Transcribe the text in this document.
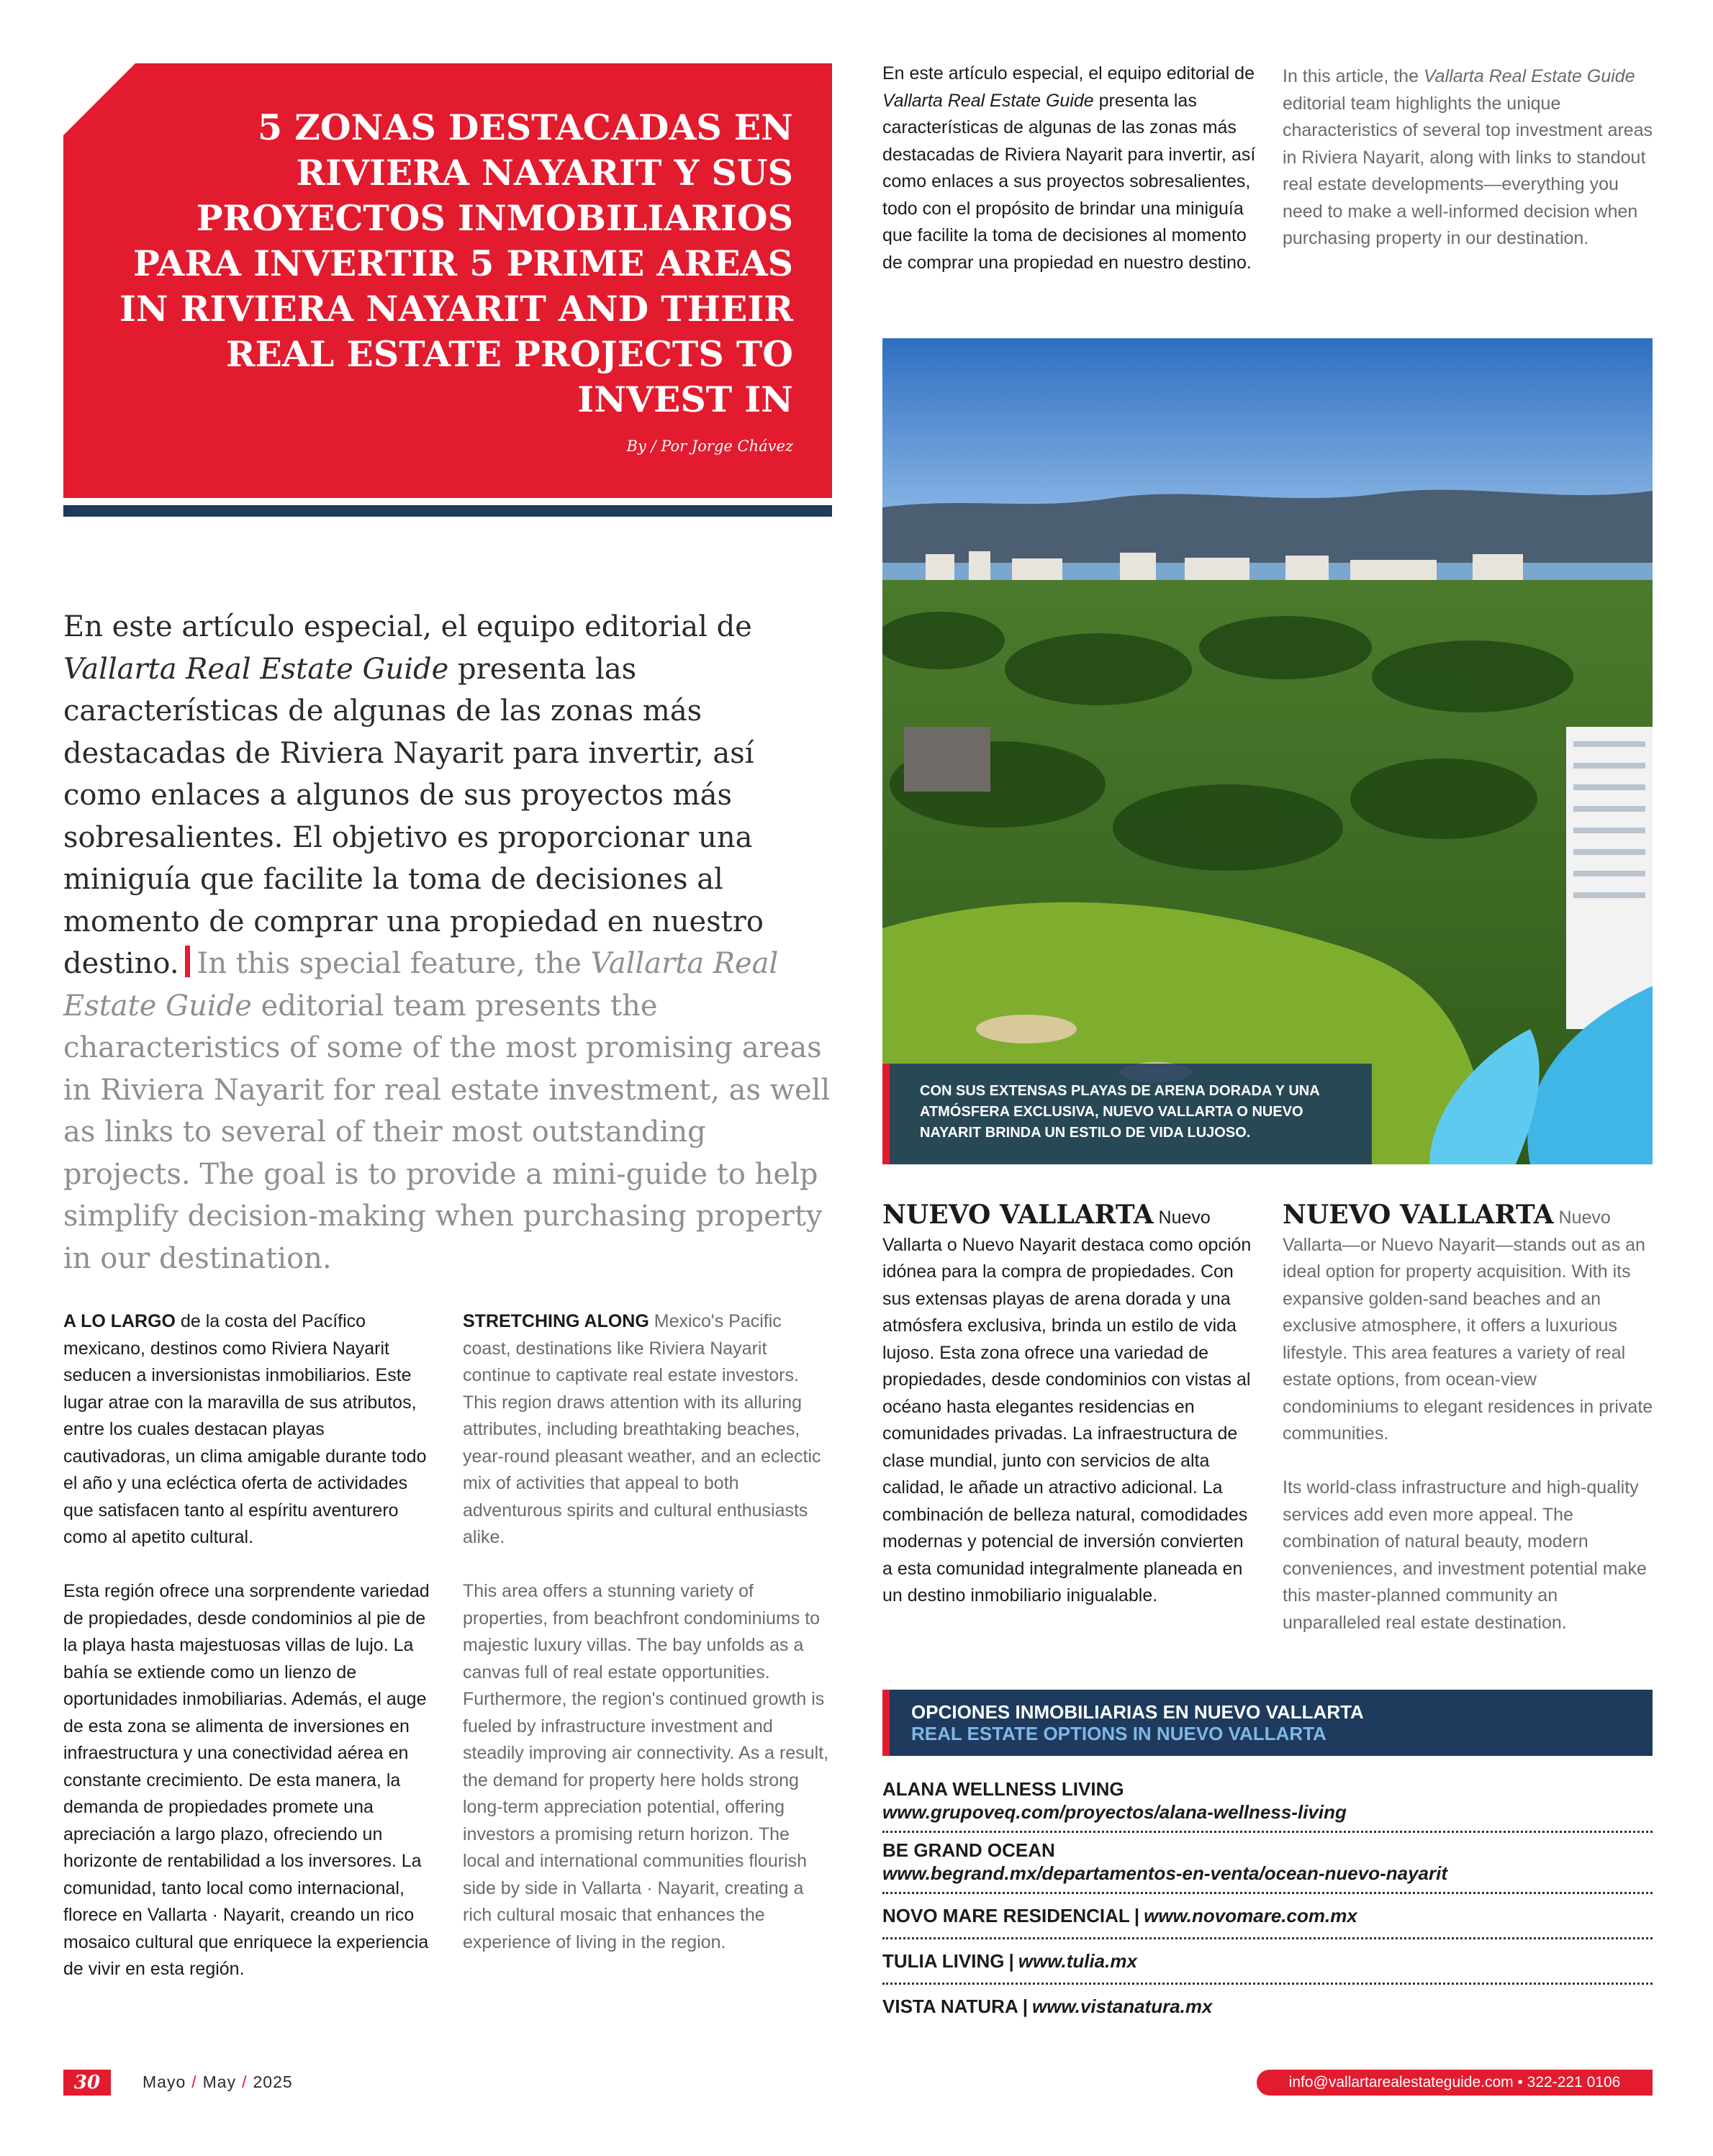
5 ZONAS DESTACADAS EN RIVIERA NAYARIT Y SUS PROYECTOS INMOBILIARIOS PARA INVERTIR 5 PRIME AREAS IN RIVIERA NAYARIT AND THEIR REAL ESTATE PROJECTS TO INVEST IN
By / Por Jorge Chávez
En este artículo especial, el equipo editorial de Vallarta Real Estate Guide presenta las características de algunas de las zonas más destacadas de Riviera Nayarit para invertir, así como enlaces a algunos de sus proyectos más sobresalientes. El objetivo es proporcionar una miniguía que facilite la toma de decisiones al momento de comprar una propiedad en nuestro destino. In this special feature, the Vallarta Real Estate Guide editorial team presents the characteristics of some of the most promising areas in Riviera Nayarit for real estate investment, as well as links to several of their most outstanding projects. The goal is to provide a mini-guide to help simplify decision-making when purchasing property in our destination.
En este artículo especial, el equipo editorial de Vallarta Real Estate Guide presenta las características de algunas de las zonas más destacadas de Riviera Nayarit para invertir, así como enlaces a sus proyectos sobresalientes, todo con el propósito de brindar una miniguía que facilite la toma de decisiones al momento de comprar una propiedad en nuestro destino.
In this article, the Vallarta Real Estate Guide editorial team highlights the unique characteristics of several top investment areas in Riviera Nayarit, along with links to standout real estate developments—everything you need to make a well-informed decision when purchasing property in our destination.

A LO LARGO de la costa del Pacífico mexicano, destinos como Riviera Nayarit seducen a inversionistas inmobiliarios. Este lugar atrae con la maravilla de sus atributos, entre los cuales destacan playas cautivadoras, un clima amigable durante todo el año y una ecléctica oferta de actividades que satisfacen tanto al espíritu aventurero como al apetito cultural.

Esta región ofrece una sorprendente variedad de propiedades, desde condominios al pie de la playa hasta majestuosas villas de lujo. La bahía se extiende como un lienzo de oportunidades inmobiliarias. Además, el auge de esta zona se alimenta de inversiones en infraestructura y una conectividad aérea en constante crecimiento. De esta manera, la demanda de propiedades promete una apreciación a largo plazo, ofreciendo un horizonte de rentabilidad a los inversores. La comunidad, tanto local como internacional, florece en Vallarta · Nayarit, creando un rico mosaico cultural que enriquece la experiencia de vivir en esta región.

STRETCHING ALONG Mexico's Pacific coast, destinations like Riviera Nayarit continue to captivate real estate investors. This region draws attention with its alluring attributes, including breathtaking beaches, year-round pleasant weather, and an eclectic mix of activities that appeal to both adventurous spirits and cultural enthusiasts alike.

This area offers a stunning variety of properties, from beachfront condominiums to majestic luxury villas. The bay unfolds as a canvas full of real estate opportunities. Furthermore, the region's continued growth is fueled by infrastructure investment and steadily improving air connectivity. As a result, the demand for property here holds strong long-term appreciation potential, offering investors a promising return horizon. The local and international communities flourish side by side in Vallarta · Nayarit, creating a rich cultural mosaic that enhances the experience of living in the region.

CON SUS EXTENSAS PLAYAS DE ARENA DORADA Y UNA ATMÓSFERA EXCLUSIVA, NUEVO VALLARTA O NUEVO NAYARIT BRINDA UN ESTILO DE VIDA LUJOSO.

NUEVO VALLARTA Nuevo Vallarta o Nuevo Nayarit destaca como opción idónea para la compra de propiedades. Con sus extensas playas de arena dorada y una atmósfera exclusiva, brinda un estilo de vida lujoso. Esta zona ofrece una variedad de propiedades, desde condominios con vistas al océano hasta elegantes residencias en comunidades privadas. La infraestructura de clase mundial, junto con servicios de alta calidad, le añade un atractivo adicional. La combinación de belleza natural, comodidades modernas y potencial de inversión convierten a esta comunidad integralmente planeada en un destino inmobiliario inigualable.

NUEVO VALLARTA Nuevo Vallarta—or Nuevo Nayarit—stands out as an ideal option for property acquisition. With its expansive golden-sand beaches and an exclusive atmosphere, it offers a luxurious lifestyle. This area features a variety of real estate options, from ocean-view condominiums to elegant residences in private communities.

Its world-class infrastructure and high-quality services add even more appeal. The combination of natural beauty, modern conveniences, and investment potential make this master-planned community an unparalleled real estate destination.

OPCIONES INMOBILIARIAS EN NUEVO VALLARTA
REAL ESTATE OPTIONS IN NUEVO VALLARTA
ALANA WELLNESS LIVING
www.grupoveq.com/proyectos/alana-wellness-living
BE GRAND OCEAN
www.begrand.mx/departamentos-en-venta/ocean-nuevo-nayarit
NOVO MARE RESIDENCIAL | www.novomare.com.mx
TULIA LIVING | www.tulia.mx
VISTA NATURA | www.vistanatura.mx
30	Mayo / May / 2025	info@vallartarealestateguide.com • 322-221 0106
